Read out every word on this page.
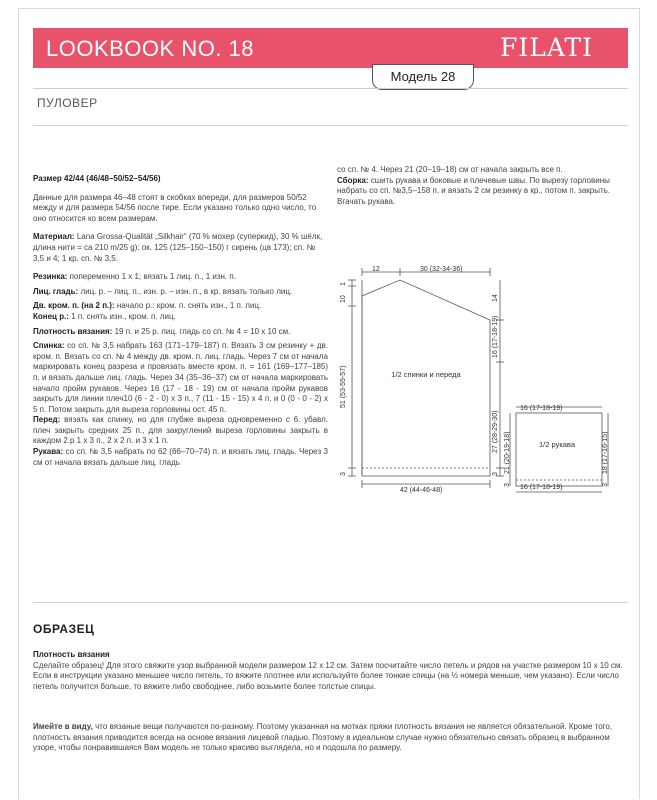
LOOKBOOK NO. 18	FILATI
Модель 28
ПУЛОВЕР

Размер 42/44 (46/48–50/52–54/56)

Данные для размера 46–48 стоят в скобках впереди, для размеров 50/52 между и для размера 54/56 после тире. Если указано только одно число, то оно относится ко всем размерам.

Материал: Lana Grossa-Qualität „Silkhair“ (70 % мохер (суперкид), 30 % шёлк, длина нити = ca 210 m/25 g): ок. 125 (125–150–150) г сирень (цв 173); сп. № 3,5 и 4; 1 кр. сп. № 3,5.

Резинка: попеременно 1 х 1; вязать 1 лиц. п., 1 изн. п.

Лиц. гладь: лиц. р. – лиц. п., изн. р. – изн. п., в кр. вязать только лиц.

Дв. кром. п. (на 2 п.): начало р.: кром. п. снять изн., 1 п. лиц.

Конец р.: 1 п. снять изн., кром. п. лиц.

Плотность вязания: 19 п. и 25 р. лиц. гладь со сп. № 4 = 10 х 10 см.

Спинка: со сп. № 3,5 набрать 163 (171–179–187) п. Вязать 3 см резинку + дв. кром. п. Вязать со сп. № 4 между дв. кром. п. лиц. гладь. Через 7 см от начала маркировать конец разреза и провязать вместе кром. п. = 161 (169–177–185) п. и вязать дальше лиц. гладь. Через 34 (35–36–37) см от начала маркировать начало пройм рукавов. Через 16 (17 - 18 - 19) см от начала пройм рукавов закрыть для линии плеч10 (6 - 2 - 0) х 3 п., 7 (11 - 15 - 15) х 4 п. и 0 (0 - 0 - 2) х 5 п. Потом закрыть для выреза горловины ост. 45 п.

Перед: вязать как спинку, но для глубже выреза одновременно с 6. убавл. плеч закрыть средних 25 п., для закруглений выреза горловины закрыть в каждом 2.р 1 х 3 п., 2 х 2 п. и 3 х 1 п.

Рукава: со сп. № 3,5 набрать по 62 (66–70–74) п. и вязать лиц. гладь. Через 3 см от начала вязать дальше лиц. гладь

со сп. № 4. Через 21 (20–19–18) см от начала закрыть все п.

Сборка: сшить рукава и боковые и плечевые швы. По вырезу горловины набрать со сп. №3,5–158 п. и вязать 2 см резинку в кр., потом п. закрыть. Вгачать рукава.

12	30 (32-34-36)
1
10
51 (53-55-57)
3
14
16 (17-18-19)
27 (28-29-30)
3
1/2 спинки и переда
42 (44-46-48)
16 (17-18-19)
21 (20-19-18)
3
18 (17-16-15)
3
1/2 рукава
16 (17-18-19)
ОБРАЗЕЦ

Плотность вязания

Сделайте образец! Для этого свяжите узор выбранной модели размером 12 х 12 см. Затем посчитайте число петель и рядов на участке размером 10 х 10 см. Если в инструкции указано меньшее число петель, то вяжите плотнее или используйте более тонкие спицы (на ½ номера меньше, чем указано). Если число петель получится больше, то вяжите либо свободнее, либо возьмите более толстые спицы.

Имейте в виду, что вязаные вещи получаются по-разному. Поэтому указанная на мотках пряжи плотность вязания не является обязательной. Кроме того, плотность вязания приводится всегда на основе вязания лицевой гладью. Поэтому в идеальном случае нужно обязательно связать образец в выбранном узоре, чтобы понравившаяся Вам модель не только красиво выглядела, но и подошла по размеру.
